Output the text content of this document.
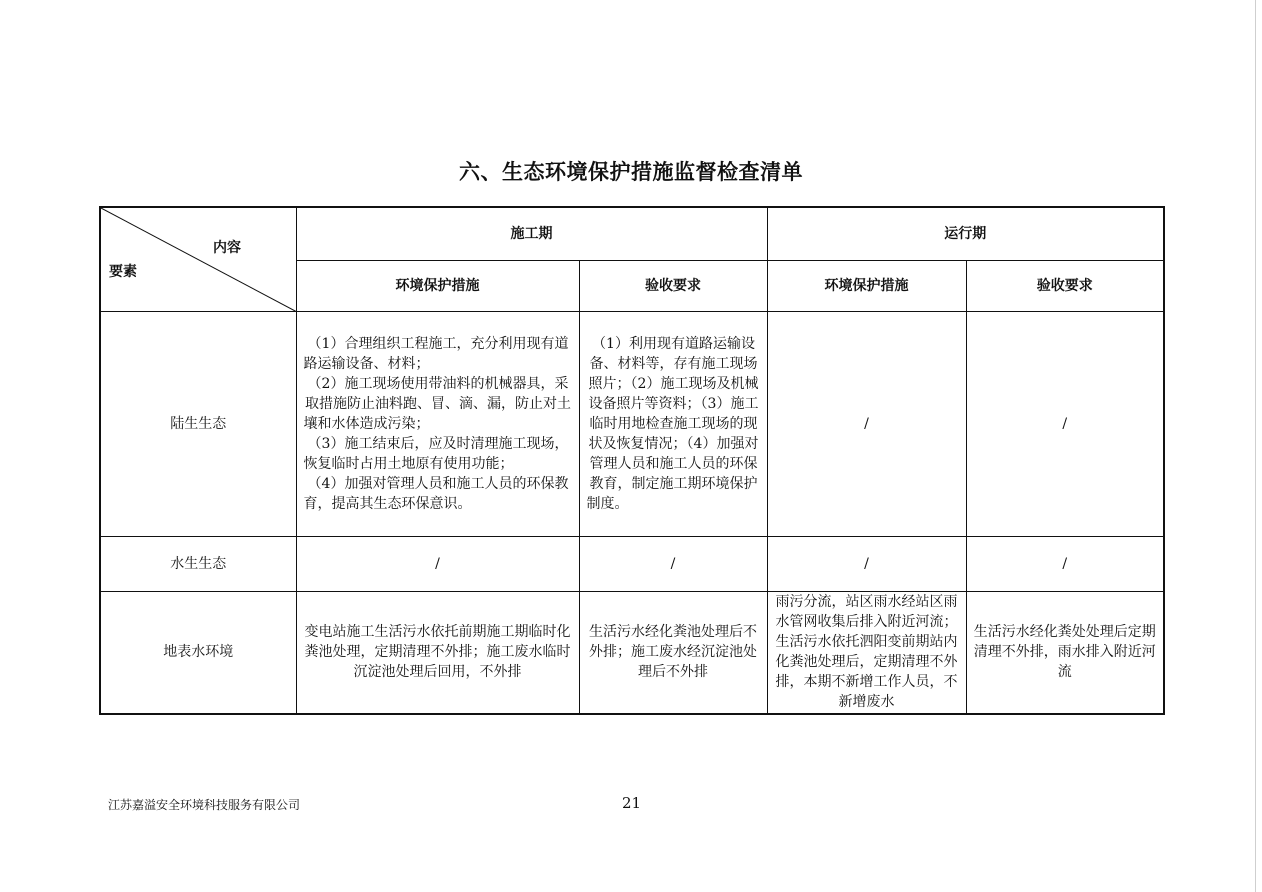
六、生态环境保护措施监督检查清单
内容
要素	施工期		运行期	
	环境保护措施	验收要求	环境保护措施	验收要求
陆生生态	（1）合理组织工程施工，充分利用现有道路运输设备、材料；
（2）施工现场使用带油料的机械器具，采取措施防止油料跑、冒、滴、漏，防止对土壤和水体造成污染；
（3）施工结束后，应及时清理施工现场，恢复临时占用土地原有使用功能；
（4）加强对管理人员和施工人员的环保教育，提高其生态环保意识。	（1）利用现有道路运输设备、材料等，存有施工现场照片；（2）施工现场及机械设备照片等资料；（3）施工临时用地检查施工现场的现状及恢复情况；（4）加强对管理人员和施工人员的环保教育，制定施工期环境保护制度。	/	/
水生生态	/	/	/	/
地表水环境	变电站施工生活污水依托前期施工期临时化粪池处理，定期清理不外排；施工废水临时沉淀池处理后回用，不外排	生活污水经化粪池处理后不外排；施工废水经沉淀池处理后不外排	雨污分流，站区雨水经站区雨水管网收集后排入附近河流；生活污水依托泗阳变前期站内化粪池处理后，定期清理不外排，本期不新增工作人员，不新增废水	生活污水经化粪处处理后定期清理不外排，雨水排入附近河流
江苏嘉溢安全环境科技服务有限公司	21
